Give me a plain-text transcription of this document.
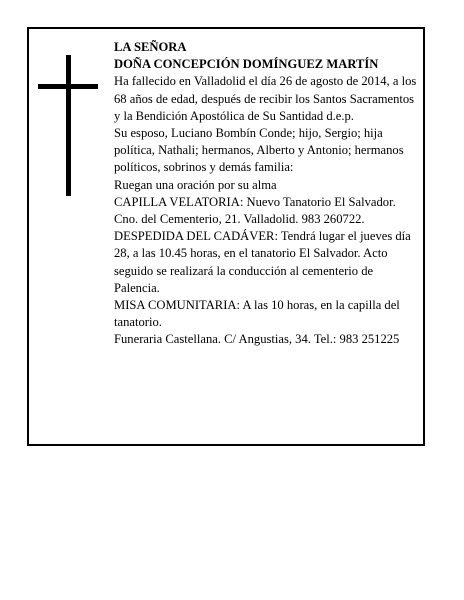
LA SEÑORA

DOÑA CONCEPCIÓN DOMÍNGUEZ MARTÍN

Ha fallecido en Valladolid el día 26 de agosto de 2014, a los 68 años de edad, después de recibir los Santos Sacramentos y la Bendición Apostólica de Su Santidad d.e.p.

Su esposo, Luciano Bombín Conde; hijo, Sergio; hija política, Nathali; hermanos, Alberto y Antonio; hermanos políticos, sobrinos y demás familia:

Ruegan una oración por su alma

CAPILLA VELATORIA: Nuevo Tanatorio El Salvador. Cno. del Cementerio, 21. Valladolid. 983 260722.

DESPEDIDA DEL CADÁVER: Tendrá lugar el jueves día 28, a las 10.45 horas, en el tanatorio El Salvador. Acto seguido se realizará la conducción al cementerio de Palencia.

MISA COMUNITARIA: A las 10 horas, en la capilla del tanatorio.

Funeraria Castellana. C/ Angustias, 34. Tel.: 983 251225
